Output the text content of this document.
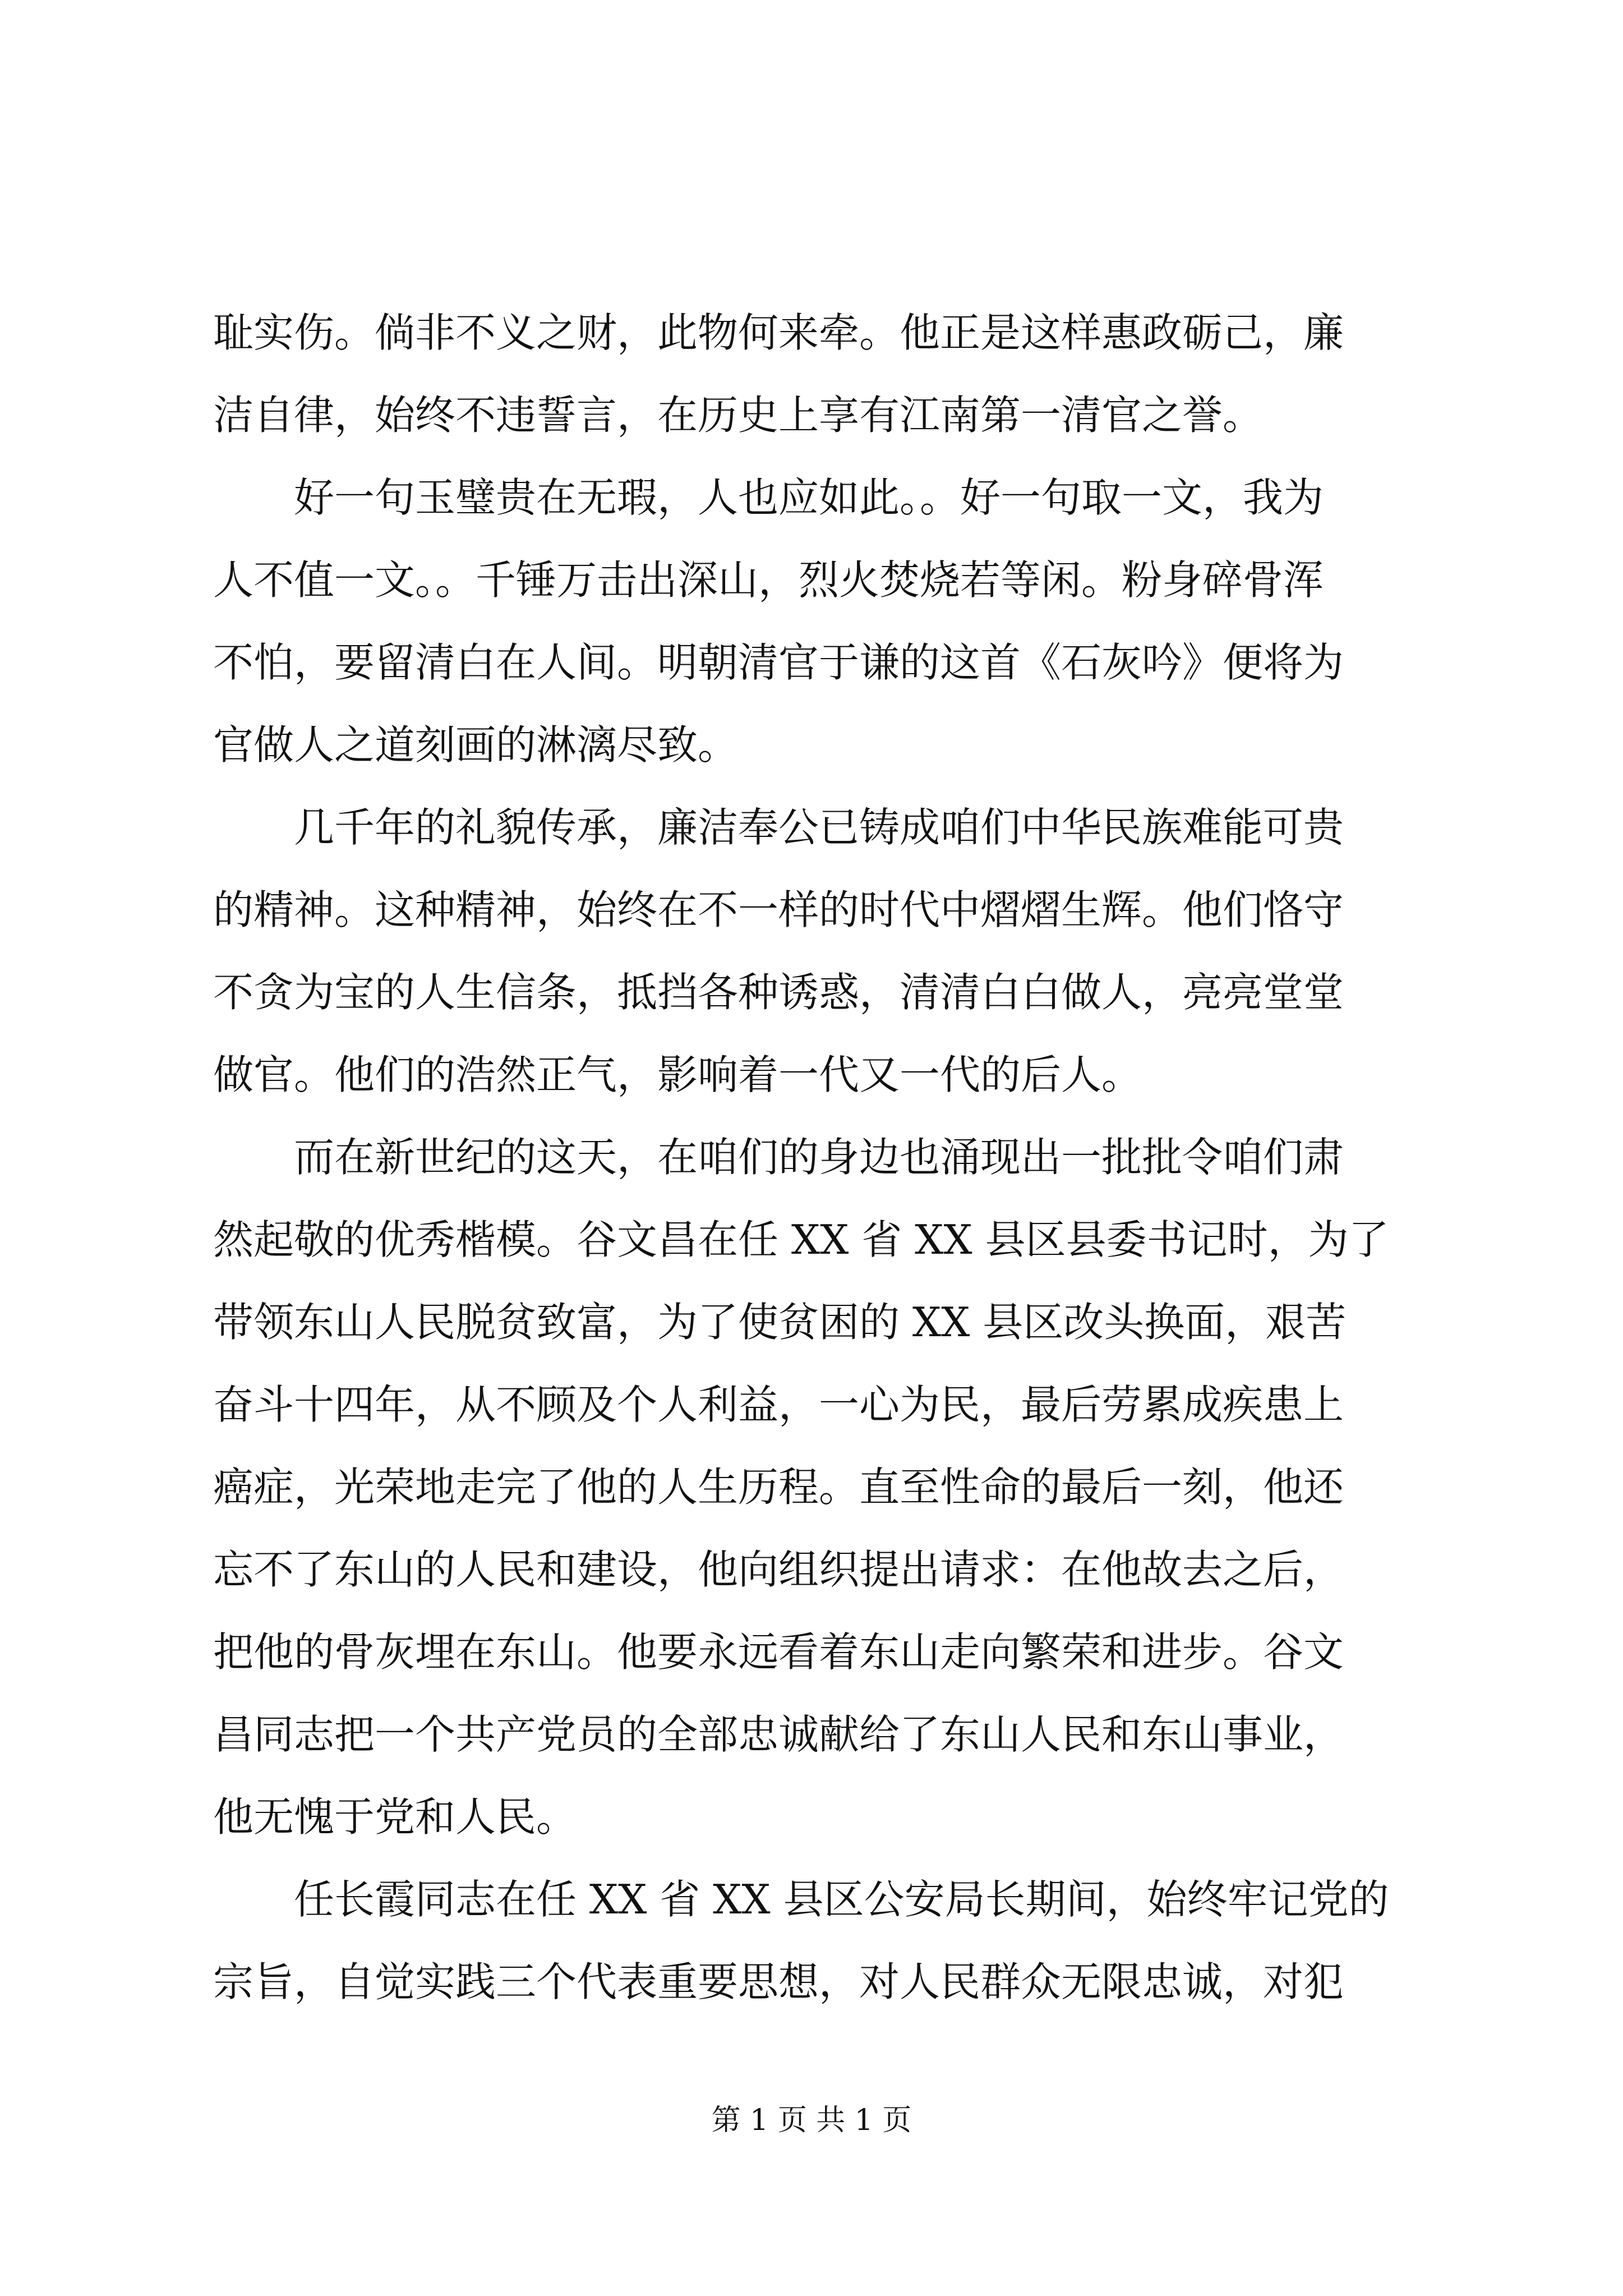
耻实伤。倘非不义之财，此物何来牵。他正是这样惠政砺己，廉
洁自律，始终不违誓言，在历史上享有江南第一清官之誉。
好一句玉璧贵在无瑕，人也应如此。。好一句取一文，我为
人不值一文。。千锤万击出深山，烈火焚烧若等闲。粉身碎骨浑
不怕，要留清白在人间。明朝清官于谦的这首《石灰吟》便将为
官做人之道刻画的淋漓尽致。
几千年的礼貌传承，廉洁奉公已铸成咱们中华民族难能可贵
的精神。这种精神，始终在不一样的时代中熠熠生辉。他们恪守
不贪为宝的人生信条，抵挡各种诱惑，清清白白做人，亮亮堂堂
做官。他们的浩然正气，影响着一代又一代的后人。
而在新世纪的这天，在咱们的身边也涌现出一批批令咱们肃
然起敬的优秀楷模。谷文昌在任 XX 省 XX 县区县委书记时，为了
带领东山人民脱贫致富，为了使贫困的 XX 县区改头换面，艰苦
奋斗十四年，从不顾及个人利益，一心为民，最后劳累成疾患上
癌症，光荣地走完了他的人生历程。直至性命的最后一刻，他还
忘不了东山的人民和建设，他向组织提出请求：在他故去之后，
把他的骨灰埋在东山。他要永远看着东山走向繁荣和进步。谷文
昌同志把一个共产党员的全部忠诚献给了东山人民和东山事业，
他无愧于党和人民。
任长霞同志在任 XX 省 XX 县区公安局长期间，始终牢记党的
宗旨，自觉实践三个代表重要思想，对人民群众无限忠诚，对犯
第 1 页 共 1 页
